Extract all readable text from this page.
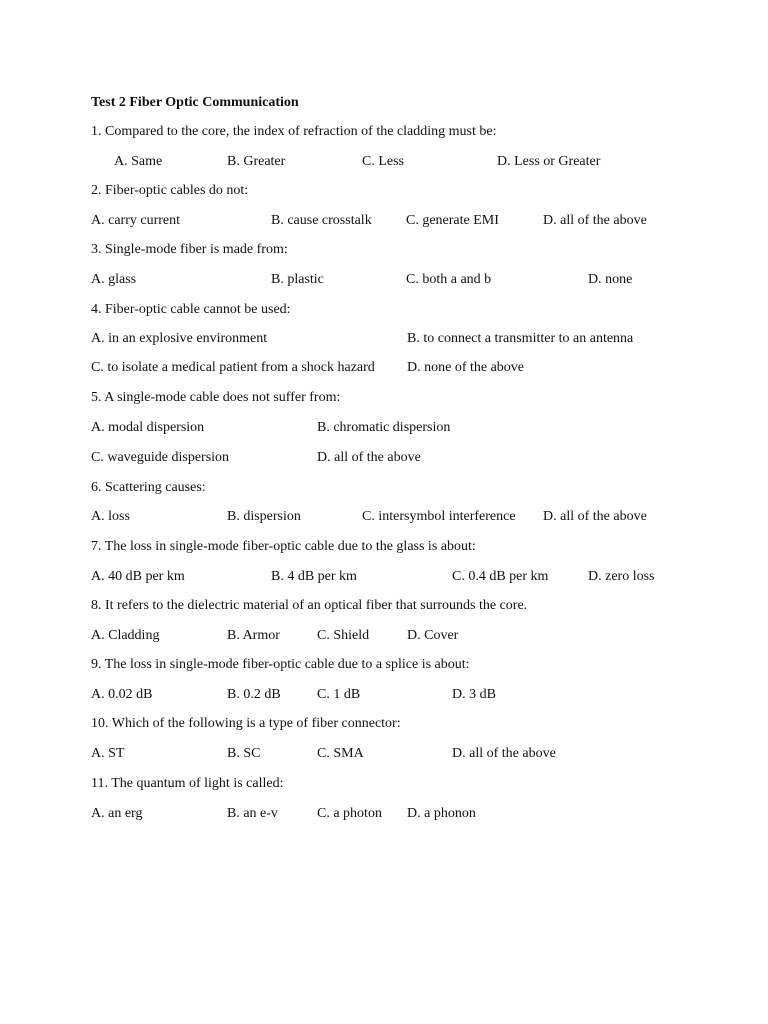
Test 2 Fiber Optic Communication
1. Compared to the core, the index of refraction of the cladding must be:
A. Same	B. Greater	C. Less	D. Less or Greater
2. Fiber-optic cables do not:
A. carry current	B. cause crosstalk C. generate EMI	D. all of the above
3. Single-mode fiber is made from:
A. glass	B. plastic	C. both a and b	D. none
4. Fiber-optic cable cannot be used:
A. in an explosive environment	B. to connect a transmitter to an antenna
C. to isolate a medical patient from a shock hazard D. none of the above
5. A single-mode cable does not suffer from:
A. modal dispersion	B. chromatic dispersion
C. waveguide dispersion	D. all of the above
6. Scattering causes:
A. loss	B. dispersion	C. intersymbol interference D. all of the above
7. The loss in single-mode fiber-optic cable due to the glass is about:
A. 40 dB per km	B. 4 dB per km	C. 0.4 dB per km	D. zero loss
8. It refers to the dielectric material of an optical fiber that surrounds the core.
A. Cladding	B. Armor	C. Shield	D. Cover
9. The loss in single-mode fiber-optic cable due to a splice is about:
A. 0.02 dB	B. 0.2 dB	C. 1 dB	D. 3 dB
10. Which of the following is a type of fiber connector:
A. ST	B. SC	C. SMA	D. all of the above
11. The quantum of light is called:
A. an erg	B. an e-v	C. a photon D. a phonon
